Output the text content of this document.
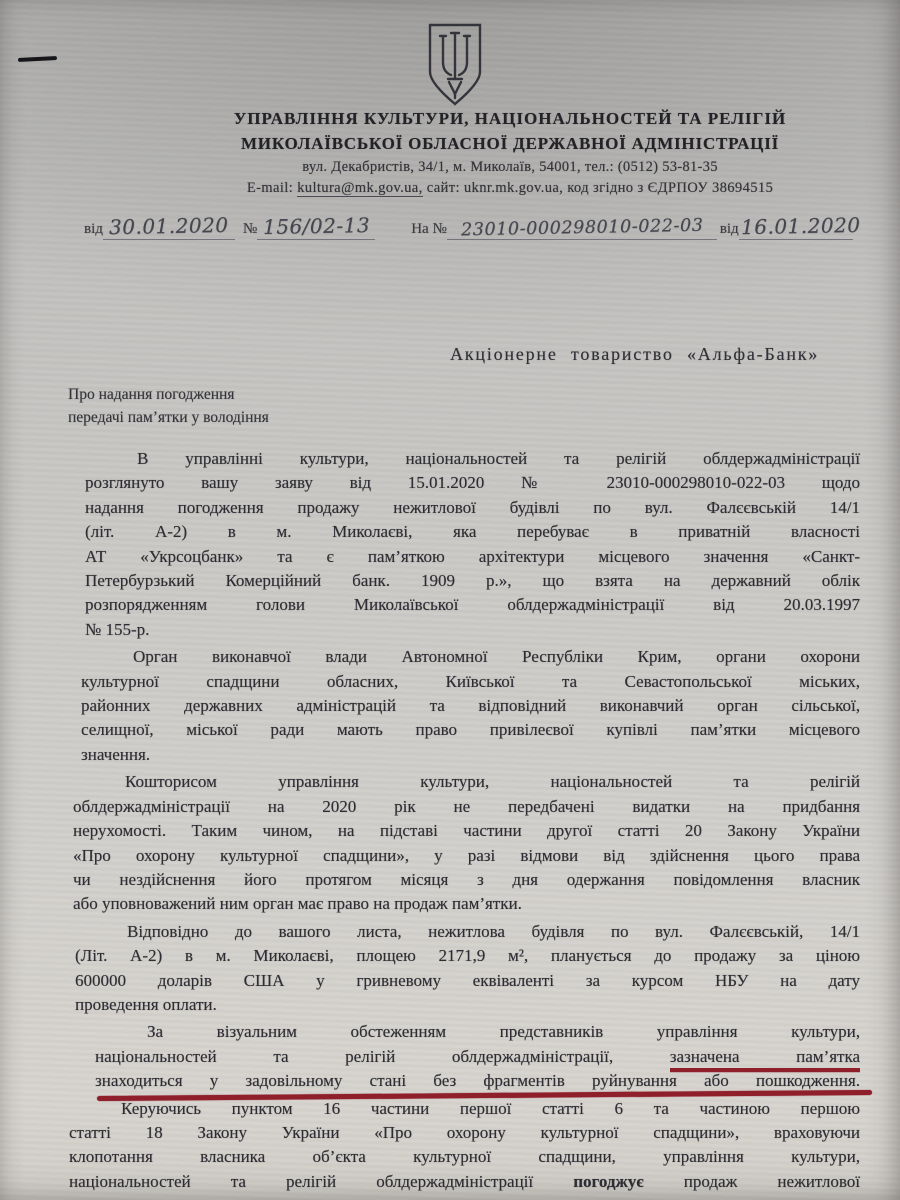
УПРАВЛІННЯ КУЛЬТУРИ, НАЦІОНАЛЬНОСТЕЙ ТА РЕЛІГІЙ
МИКОЛАЇВСЬКОЇ ОБЛАСНОЇ ДЕРЖАВНОЇ АДМІНІСТРАЦІЇ
вул. Декабристів, 34/1, м. Миколаїв, 54001, тел.: (0512) 53-81-35
E-mail: kultura@mk.gov.ua, сайт: uknr.mk.gov.ua, код згідно з ЄДРПОУ 38694515
від 30.01.2020 № 156/02-13	На № 23010-000298010-022-03	від 16.01.2020
Акціонерне товариство «Альфа-Банк»
Про надання погодження
передачі пам’ятки у володіння
В управлінні культури, національностей та релігій облдержадміністрації
розглянуто вашу заяву від 15.01.2020 № 23010-000298010-022-03 щодо
надання погодження продажу нежитлової будівлі по вул. Фалєєвській 14/1
(літ. А-2) в м. Миколаєві, яка перебуває в приватній власності
АТ «Укрсоцбанк» та є пам’яткою архітектури місцевого значення «Санкт-
Петербурзький Комерційний банк. 1909 р.», що взята на державний облік
розпорядженням голови Миколаївської облдержадміністрації від 20.03.1997
№ 155-р.
Орган виконавчої влади Автономної Республіки Крим, органи охорони
культурної спадщини обласних, Київської та Севастопольської міських,
районних державних адміністрацій та відповідний виконавчий орган сільської,
селищної, міської ради мають право привілеєвої купівлі пам’ятки місцевого
значення.
Кошторисом управління культури, національностей та релігій
облдержадміністрації на 2020 рік не передбачені видатки на придбання
нерухомості. Таким чином, на підставі частини другої статті 20 Закону України
«Про охорону культурної спадщини», у разі відмови від здійснення цього права
чи нездійснення його протягом місяця з дня одержання повідомлення власник
або уповноважений ним орган має право на продаж пам’ятки.
Відповідно до вашого листа, нежитлова будівля по вул. Фалєєвській, 14/1
(Літ. А-2) в м. Миколаєві, площею 2171,9 м², планується до продажу за ціною
600000 доларів США у гривневому еквіваленті за курсом НБУ на дату
проведення оплати.
За візуальним обстеженням представників управління культури,
національностей та релігій облдержадміністрації,	зазначена пам’ятка
знаходиться у задовільному стані без фрагментів руйнування або пошкодження.
Керуючись пунктом 16 частини першої статті 6 та частиною першою
статті 18 Закону України «Про охорону культурної спадщини», враховуючи
клопотання власника об’єкта культурної спадщини, управління культури,
національностей та релігій облдержадміністрації погоджує продаж нежитлової
